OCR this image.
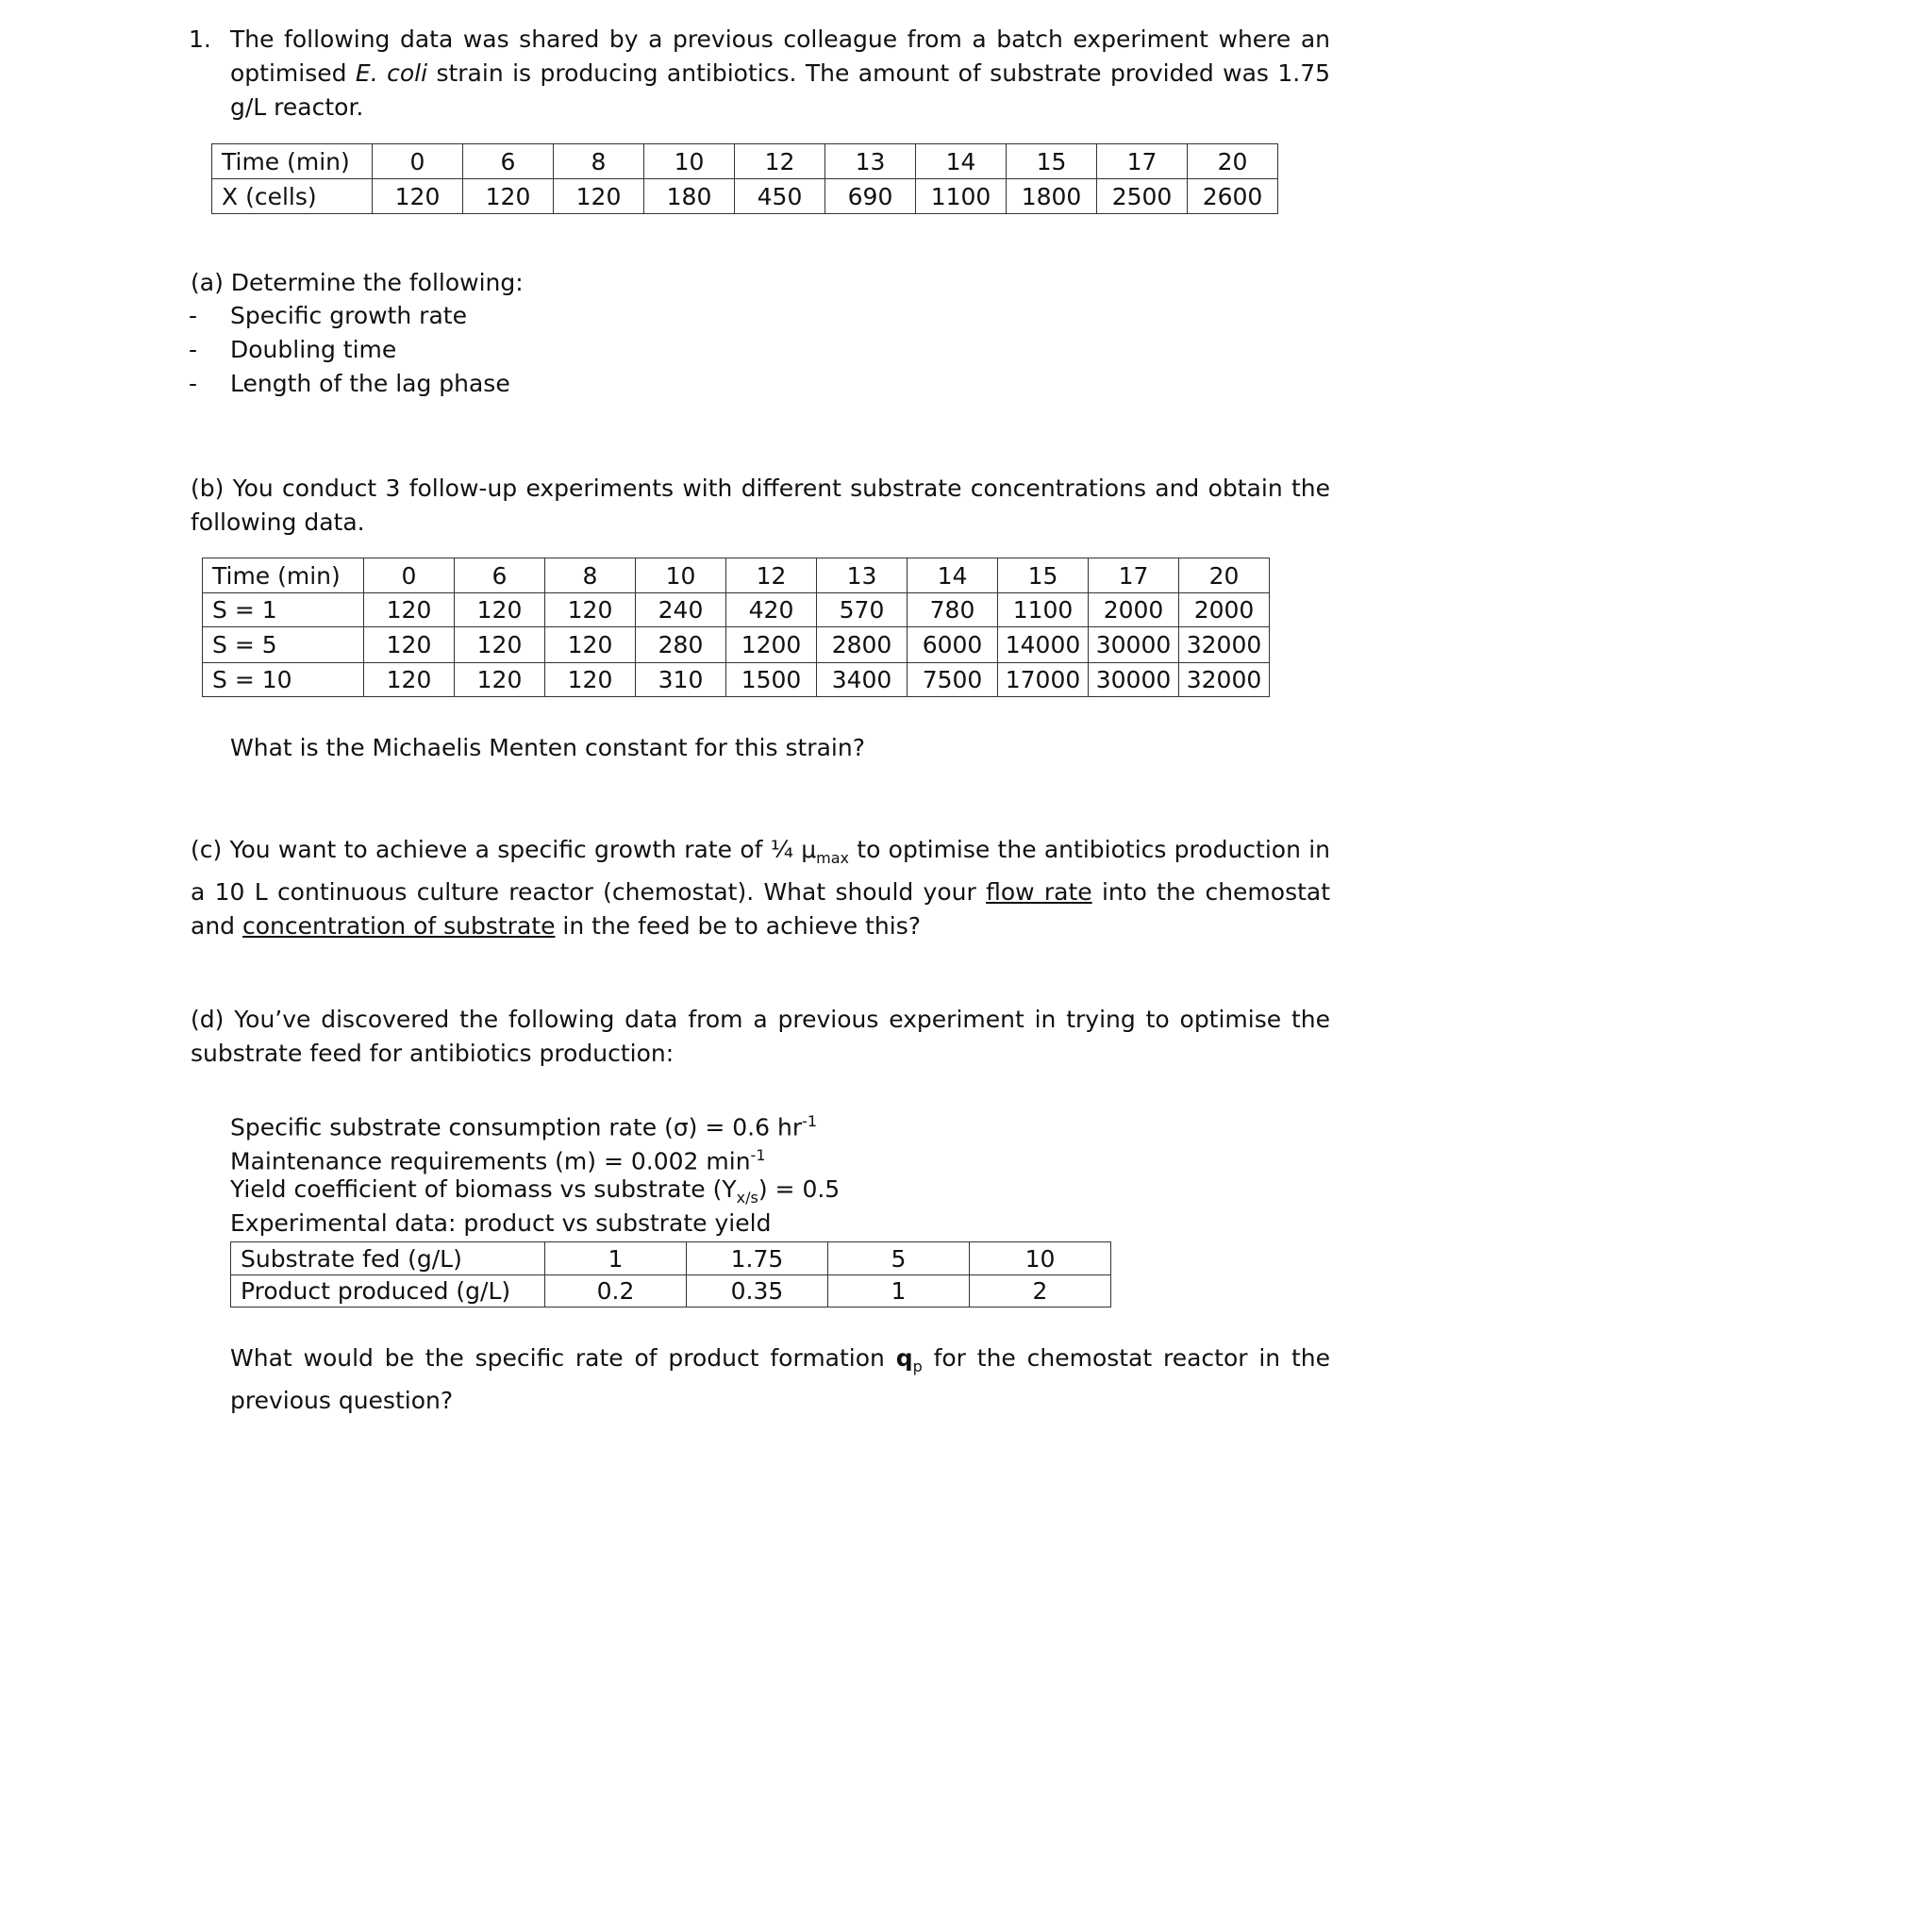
1. The following data was shared by a previous colleague from a batch experiment where an optimised E. coli strain is producing antibiotics. The amount of substrate provided was 1.75 g/L reactor.
Time (min)	0	6	8	10	12	13	14	15	17	20
X (cells)	120	120	120	180	450	690	1100	1800	2500	2600
(a) Determine the following:
- Specific growth rate
- Doubling time
- Length of the lag phase
(b) You conduct 3 follow-up experiments with different substrate concentrations and obtain the following data.
Time (min)	0	6	8	10	12	13	14	15	17	20
S = 1	120	120	120	240	420	570	780	1100	2000	2000
S = 5	120	120	120	280	1200	2800	6000	14000	30000	32000
S = 10	120	120	120	310	1500	3400	7500	17000	30000	32000
What is the Michaelis Menten constant for this strain?
(c) You want to achieve a specific growth rate of ¼ $\mu_{max}$ to optimise the antibiotics production in a 10 L continuous culture reactor (chemostat). What should your flow rate into the chemostat and concentration of substrate in the feed be to achieve this?
(d) You’ve discovered the following data from a previous experiment in trying to optimise the substrate feed for antibiotics production:
Specific substrate consumption rate (σ) = 0.6 $hr^{-1}$
Maintenance requirements (m) = 0.002 $\min^{-1}$
Yield coefficient of biomass vs substrate $(Y_{x/s}) = 0.5$
Experimental data: product vs substrate yield
Substrate fed (g/L)	1	1.75	5	10
Product produced (g/L)	0.2	0.35	1	2
What would be the specific rate of product formation $q_p$ for the chemostat reactor in the previous question?
